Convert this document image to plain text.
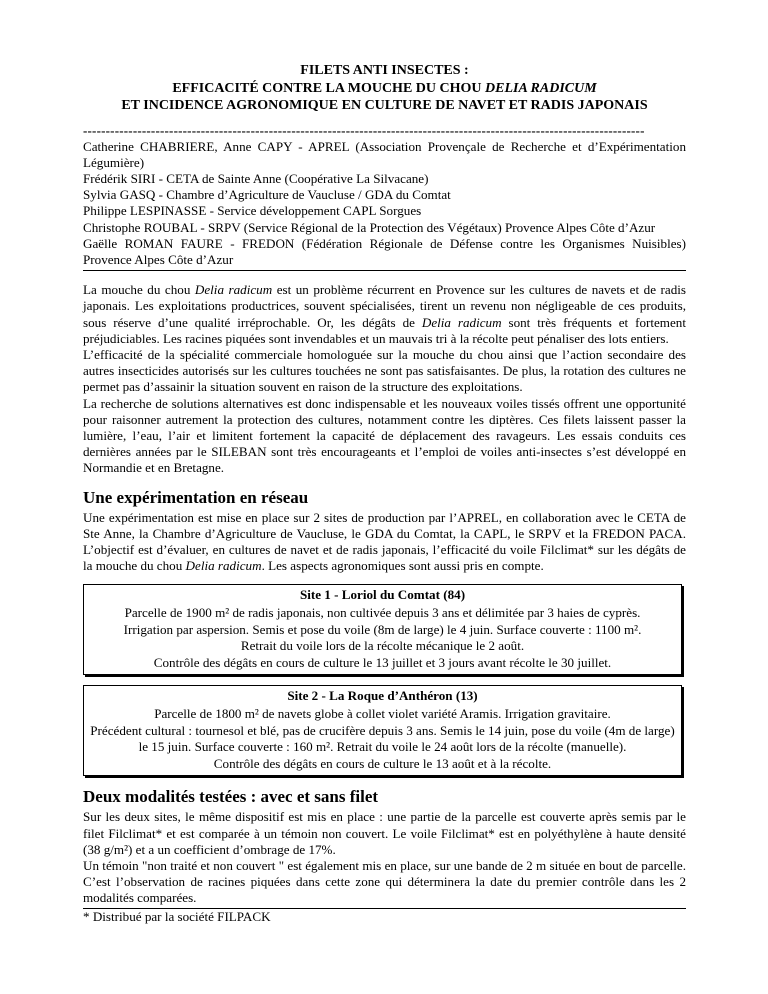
FILETS ANTI INSECTES :
EFFICACITÉ CONTRE LA MOUCHE DU CHOU DELIA RADICUM
ET INCIDENCE AGRONOMIQUE EN CULTURE DE NAVET ET RADIS JAPONAIS
----------------------------------------------------------------------------------------------------------------------------
Catherine CHABRIERE, Anne CAPY - APREL (Association Provençale de Recherche et d’Expérimentation Légumière)
Frédérik SIRI - CETA de Sainte Anne (Coopérative La Silvacane)
Sylvia GASQ - Chambre d’Agriculture de Vaucluse / GDA du Comtat
Philippe LESPINASSE - Service développement CAPL Sorgues
Christophe ROUBAL - SRPV (Service Régional de la Protection des Végétaux) Provence Alpes Côte d’Azur
Gaëlle ROMAN FAURE - FREDON (Fédération Régionale de Défense contre les Organismes Nuisibles) Provence Alpes Côte d’Azur

La mouche du chou Delia radicum est un problème récurrent en Provence sur les cultures de navets et de radis japonais. Les exploitations productrices, souvent spécialisées, tirent un revenu non négligeable de ces produits, sous réserve d’une qualité irréprochable. Or, les dégâts de Delia radicum sont très fréquents et fortement préjudiciables. Les racines piquées sont invendables et un mauvais tri à la récolte peut pénaliser des lots entiers.

L’efficacité de la spécialité commerciale homologuée sur la mouche du chou ainsi que l’action secondaire des autres insecticides autorisés sur les cultures touchées ne sont pas satisfaisantes. De plus, la rotation des cultures ne permet pas d’assainir la situation souvent en raison de la structure des exploitations.

La recherche de solutions alternatives est donc indispensable et les nouveaux voiles tissés offrent une opportunité pour raisonner autrement la protection des cultures, notamment contre les diptères. Ces filets laissent passer la lumière, l’eau, l’air et limitent fortement la capacité de déplacement des ravageurs. Les essais conduits ces dernières années par le SILEBAN sont très encourageants et l’emploi de voiles anti-insectes s’est développé en Normandie et en Bretagne.

Une expérimentation en réseau

Une expérimentation est mise en place sur 2 sites de production par l’APREL, en collaboration avec le CETA de Ste Anne, la Chambre d’Agriculture de Vaucluse, le GDA du Comtat, la CAPL, le SRPV et la FREDON PACA. L’objectif est d’évaluer, en cultures de navet et de radis japonais, l’efficacité du voile Filclimat* sur les dégâts de la mouche du chou Delia radicum. Les aspects agronomiques sont aussi pris en compte.

Site 1 - Loriol du Comtat (84)
Parcelle de 1900 m² de radis japonais, non cultivée depuis 3 ans et délimitée par 3 haies de cyprès.
Irrigation par aspersion. Semis et pose du voile (8m de large) le 4 juin. Surface couverte : 1100 m².
Retrait du voile lors de la récolte mécanique le 2 août.
Contrôle des dégâts en cours de culture le 13 juillet et 3 jours avant récolte le 30 juillet.
Site 2 - La Roque d’Anthéron (13)
Parcelle de 1800 m² de navets globe à collet violet variété Aramis. Irrigation gravitaire.
Précédent cultural : tournesol et blé, pas de crucifère depuis 3 ans. Semis le 14 juin, pose du voile (4m de large) le 15 juin. Surface couverte : 160 m². Retrait du voile le 24 août lors de la récolte (manuelle).
Contrôle des dégâts en cours de culture le 13 août et à la récolte.
Deux modalités testées : avec et sans filet

Sur les deux sites, le même dispositif est mis en place : une partie de la parcelle est couverte après semis par le filet Filclimat* et est comparée à un témoin non couvert. Le voile Filclimat* est en polyéthylène à haute densité (38 g/m²) et a un coefficient d’ombrage de 17%.

Un témoin "non traité et non couvert " est également mis en place, sur une bande de 2 m située en bout de parcelle. C’est l’observation de racines piquées dans cette zone qui déterminera la date du premier contrôle dans les 2 modalités comparées.

* Distribué par la société FILPACK
